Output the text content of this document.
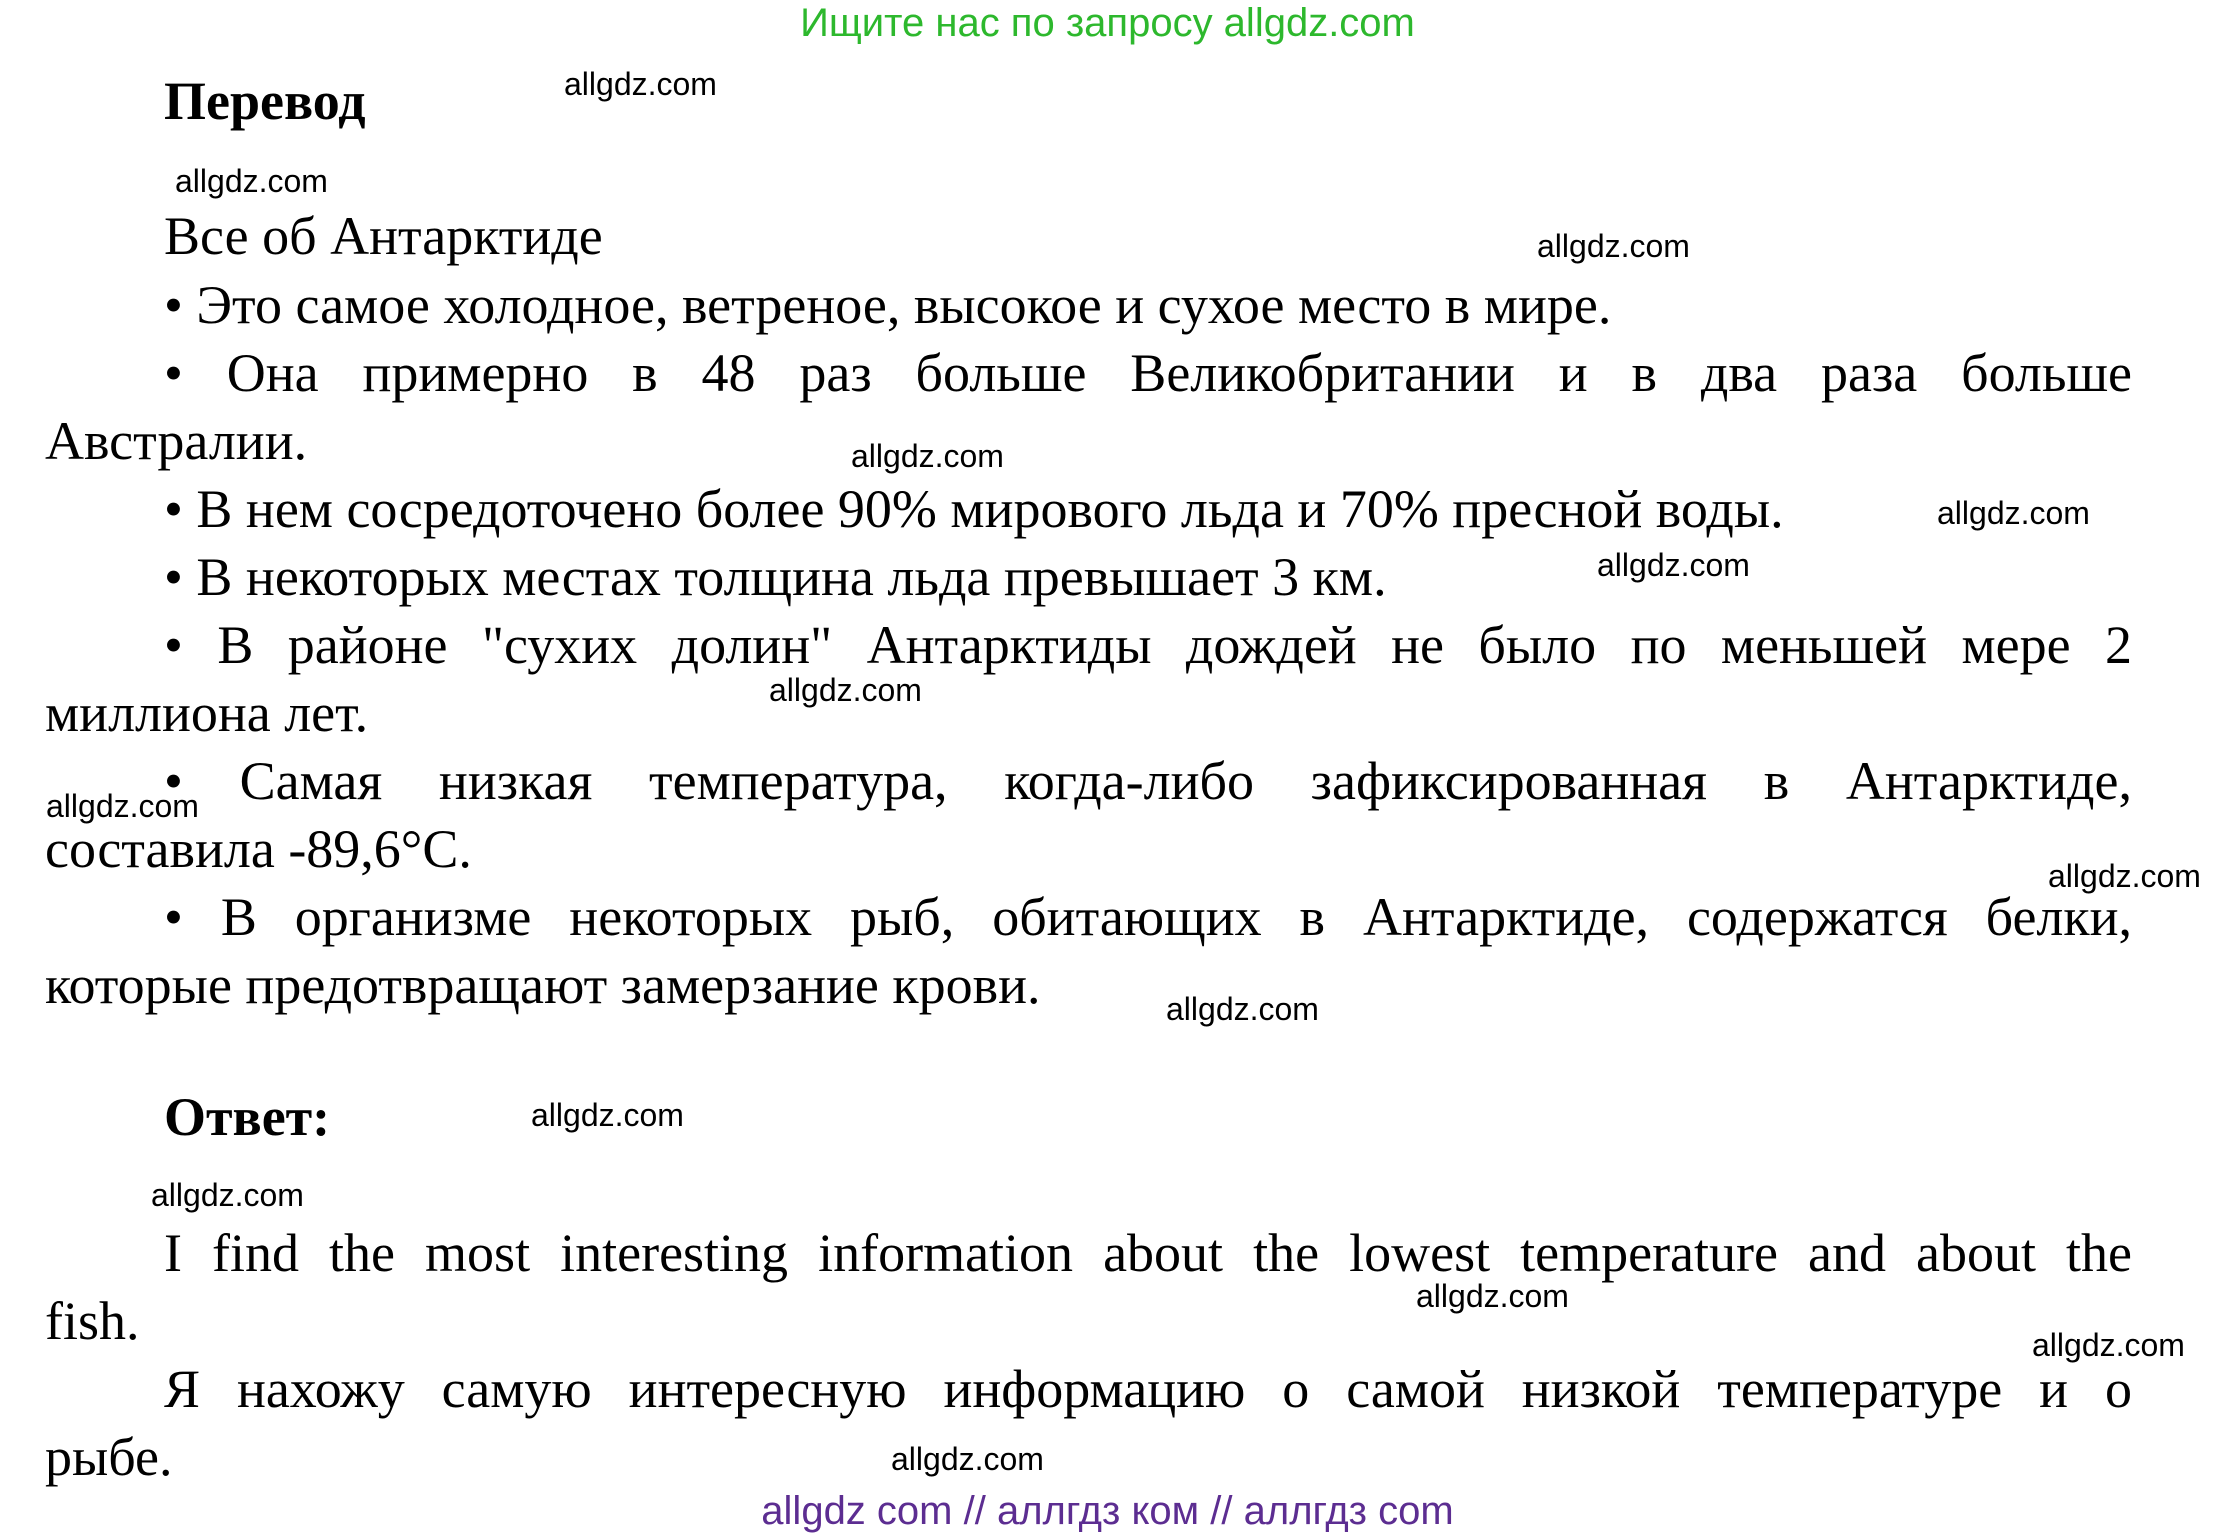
Ищите нас по запросу allgdz.com
Перевод
Все об Антарктиде
• Это самое холодное, ветреное, высокое и сухое место в мире.
• Она примерно в 48 раз больше Великобритании и в два раза больше
Австралии.
• В нем сосредоточено более 90% мирового льда и 70% пресной воды.
• В некоторых местах толщина льда превышает 3 км.
• В районе "сухих долин" Антарктиды дождей не было по меньшей мере 2
миллиона лет.
• Самая низкая температура, когда-либо зафиксированная в Антарктиде,
составила -89,6°C.
• В организме некоторых рыб, обитающих в Антарктиде, содержатся белки,
которые предотвращают замерзание крови.
Ответ:
I find the most interesting information about the lowest temperature and about the
fish.
Я нахожу самую интересную информацию о самой низкой температуре и о
рыбе.
allgdz.com
allgdz.com
allgdz.com
allgdz.com
allgdz.com
allgdz.com
allgdz.com
allgdz.com
allgdz.com
allgdz.com
allgdz.com
allgdz.com
allgdz.com
allgdz.com
allgdz.com
allgdz com // аллгдз ком // аллгдз com
